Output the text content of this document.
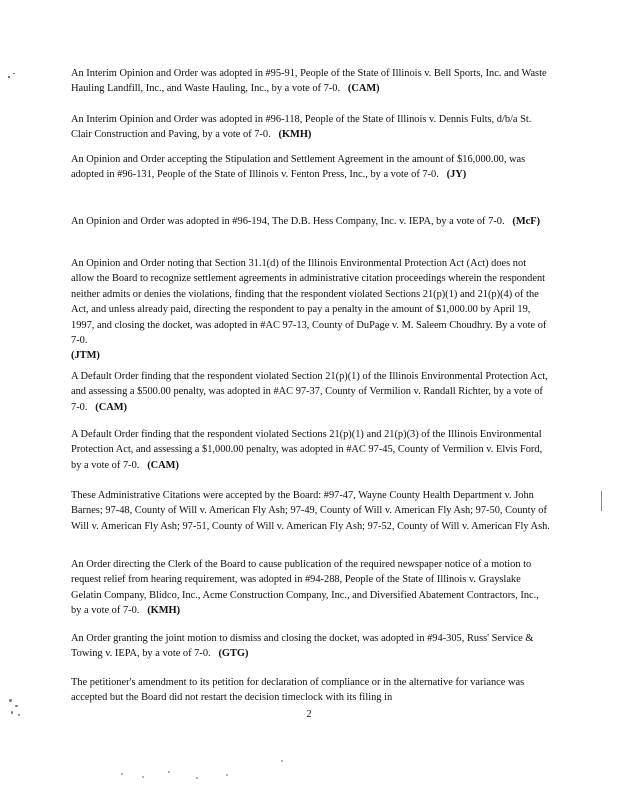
An Interim Opinion and Order was adopted in #95-91, People of the State of Illinois v. Bell Sports, Inc. and Waste Hauling Landfill, Inc., and Waste Hauling, Inc., by a vote of 7-0. (CAM)

An Interim Opinion and Order was adopted in #96-118, People of the State of Illinois v. Dennis Fults, d/b/a St. Clair Construction and Paving, by a vote of 7-0. (KMH)

An Opinion and Order accepting the Stipulation and Settlement Agreement in the amount of $16,000.00, was adopted in #96-131, People of the State of Illinois v. Fenton Press, Inc., by a vote of 7-0. (JY)

An Opinion and Order was adopted in #96-194, The D.B. Hess Company, Inc. v. IEPA, by a vote of 7-0. (McF)

An Opinion and Order noting that Section 31.1(d) of the Illinois Environmental Protection Act (Act) does not allow the Board to recognize settlement agreements in administrative citation proceedings wherein the respondent neither admits or denies the violations, finding that the respondent violated Sections 21(p)(1) and 21(p)(4) of the Act, and unless already paid, directing the respondent to pay a penalty in the amount of $1,000.00 by April 19, 1997, and closing the docket, was adopted in #AC 97-13, County of DuPage v. M. Saleem Choudhry. By a vote of 7-0.
(JTM)

A Default Order finding that the respondent violated Section 21(p)(1) of the Illinois Environmental Protection Act, and assessing a $500.00 penalty, was adopted in #AC 97-37, County of Vermilion v. Randall Richter, by a vote of 7-0. (CAM)

A Default Order finding that the respondent violated Sections 21(p)(1) and 21(p)(3) of the Illinois Environmental Protection Act, and assessing a $1,000.00 penalty, was adopted in #AC 97-45, County of Vermilion v. Elvis Ford, by a vote of 7-0. (CAM)

These Administrative Citations were accepted by the Board: #97-47, Wayne County Health Department v. John Barnes; 97-48, County of Will v. American Fly Ash; 97-49, County of Will v. American Fly Ash; 97-50, County of Will v. American Fly Ash; 97-51, County of Will v. American Fly Ash; 97-52, County of Will v. American Fly Ash.

An Order directing the Clerk of the Board to cause publication of the required newspaper notice of a motion to request relief from hearing requirement, was adopted in #94-288, People of the State of Illinois v. Grayslake Gelatin Company, Blidco, Inc., Acme Construction Company, Inc., and Diversified Abatement Contractors, Inc., by a vote of 7-0. (KMH)

An Order granting the joint motion to dismiss and closing the docket, was adopted in #94-305, Russ' Service & Towing v. IEPA, by a vote of 7-0. (GTG)

The petitioner's amendment to its petition for declaration of compliance or in the alternative for variance was accepted but the Board did not restart the decision timeclock with its filing in

2
